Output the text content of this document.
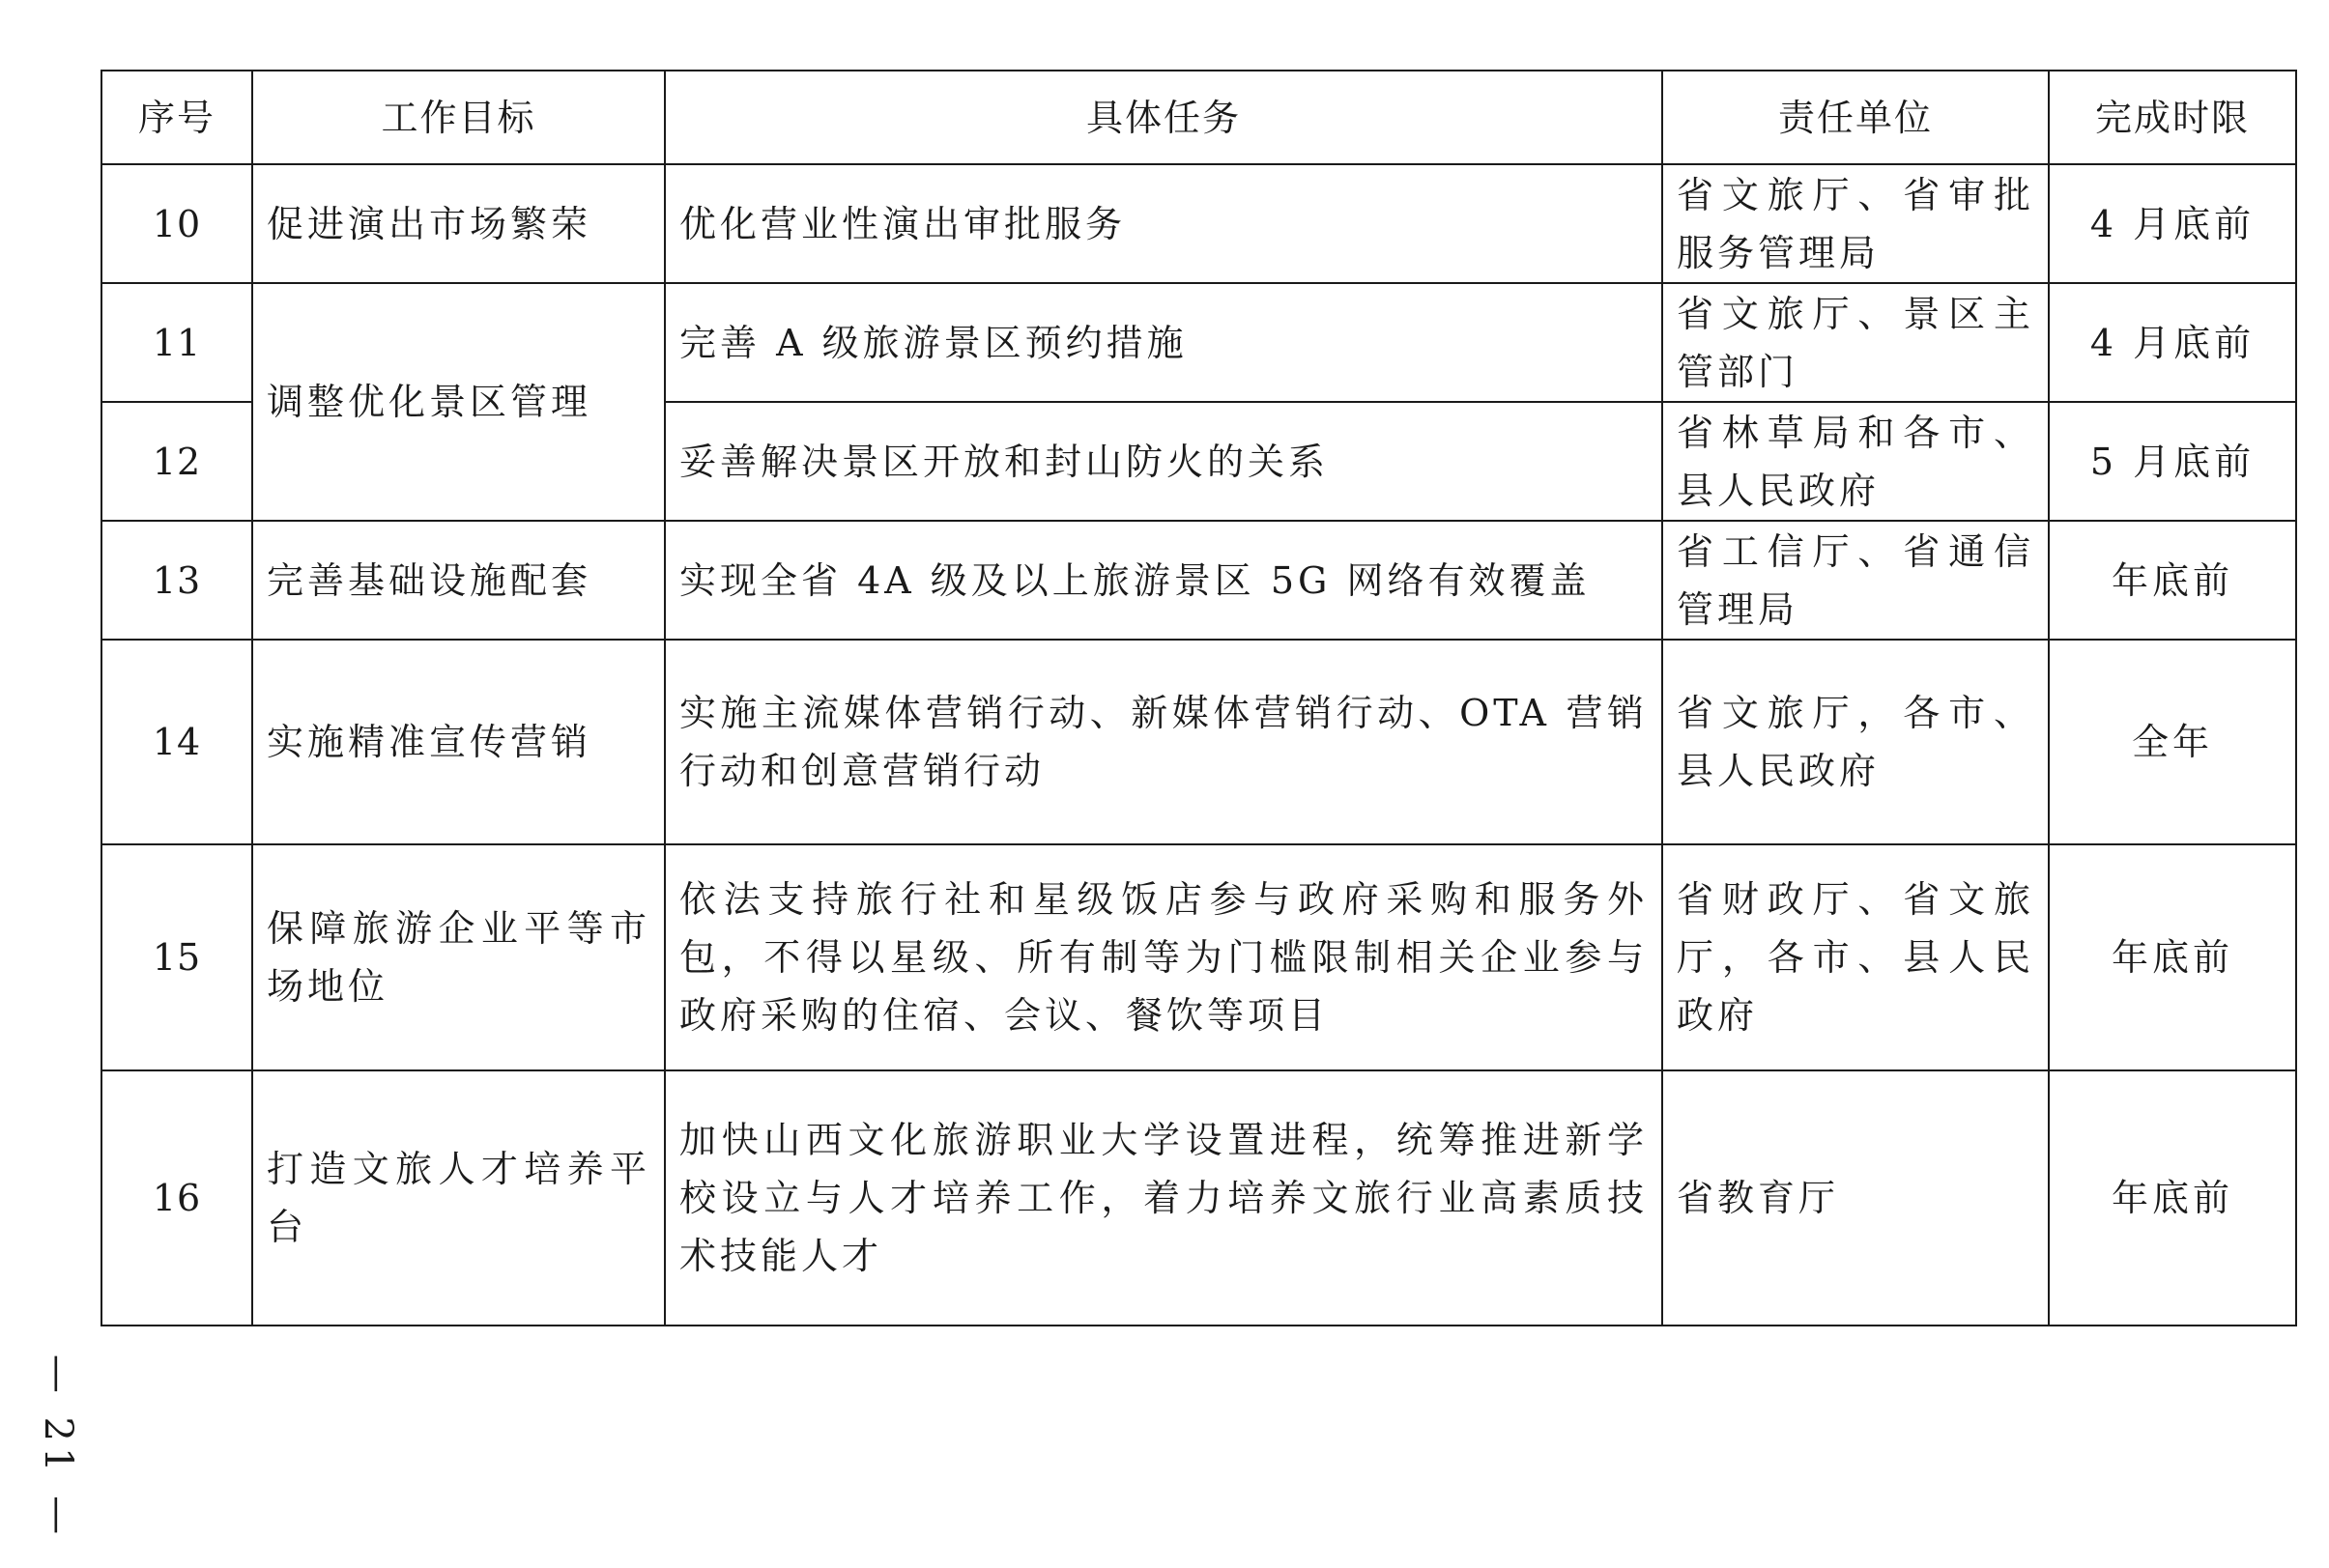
序号	工作目标	具体任务	责任单位	完成时限
10	促进演出市场繁荣	优化营业性演出审批服务	省文旅厅、省审批服务管理局	4 月底前
11	调整优化景区管理	完善 A 级旅游景区预约措施	省文旅厅、景区主管部门	4 月底前
12		妥善解决景区开放和封山防火的关系	省林草局和各市、县人民政府	5 月底前
13	完善基础设施配套	实现全省 4A 级及以上旅游景区 5G 网络有效覆盖	省工信厅、省通信管理局	年底前
14	实施精准宣传营销	实施主流媒体营销行动、新媒体营销行动、OTA 营销行动和创意营销行动	省文旅厅，各市、县人民政府	全年
15	保障旅游企业平等市场地位	依法支持旅行社和星级饭店参与政府采购和服务外包，不得以星级、所有制等为门槛限制相关企业参与政府采购的住宿、会议、餐饮等项目	省财政厅、省文旅厅，各市、县人民政府	年底前
16	打造文旅人才培养平台	加快山西文化旅游职业大学设置进程，统筹推进新学校设立与人才培养工作，着力培养文旅行业高素质技术技能人才	省教育厅	年底前
— 21 —
